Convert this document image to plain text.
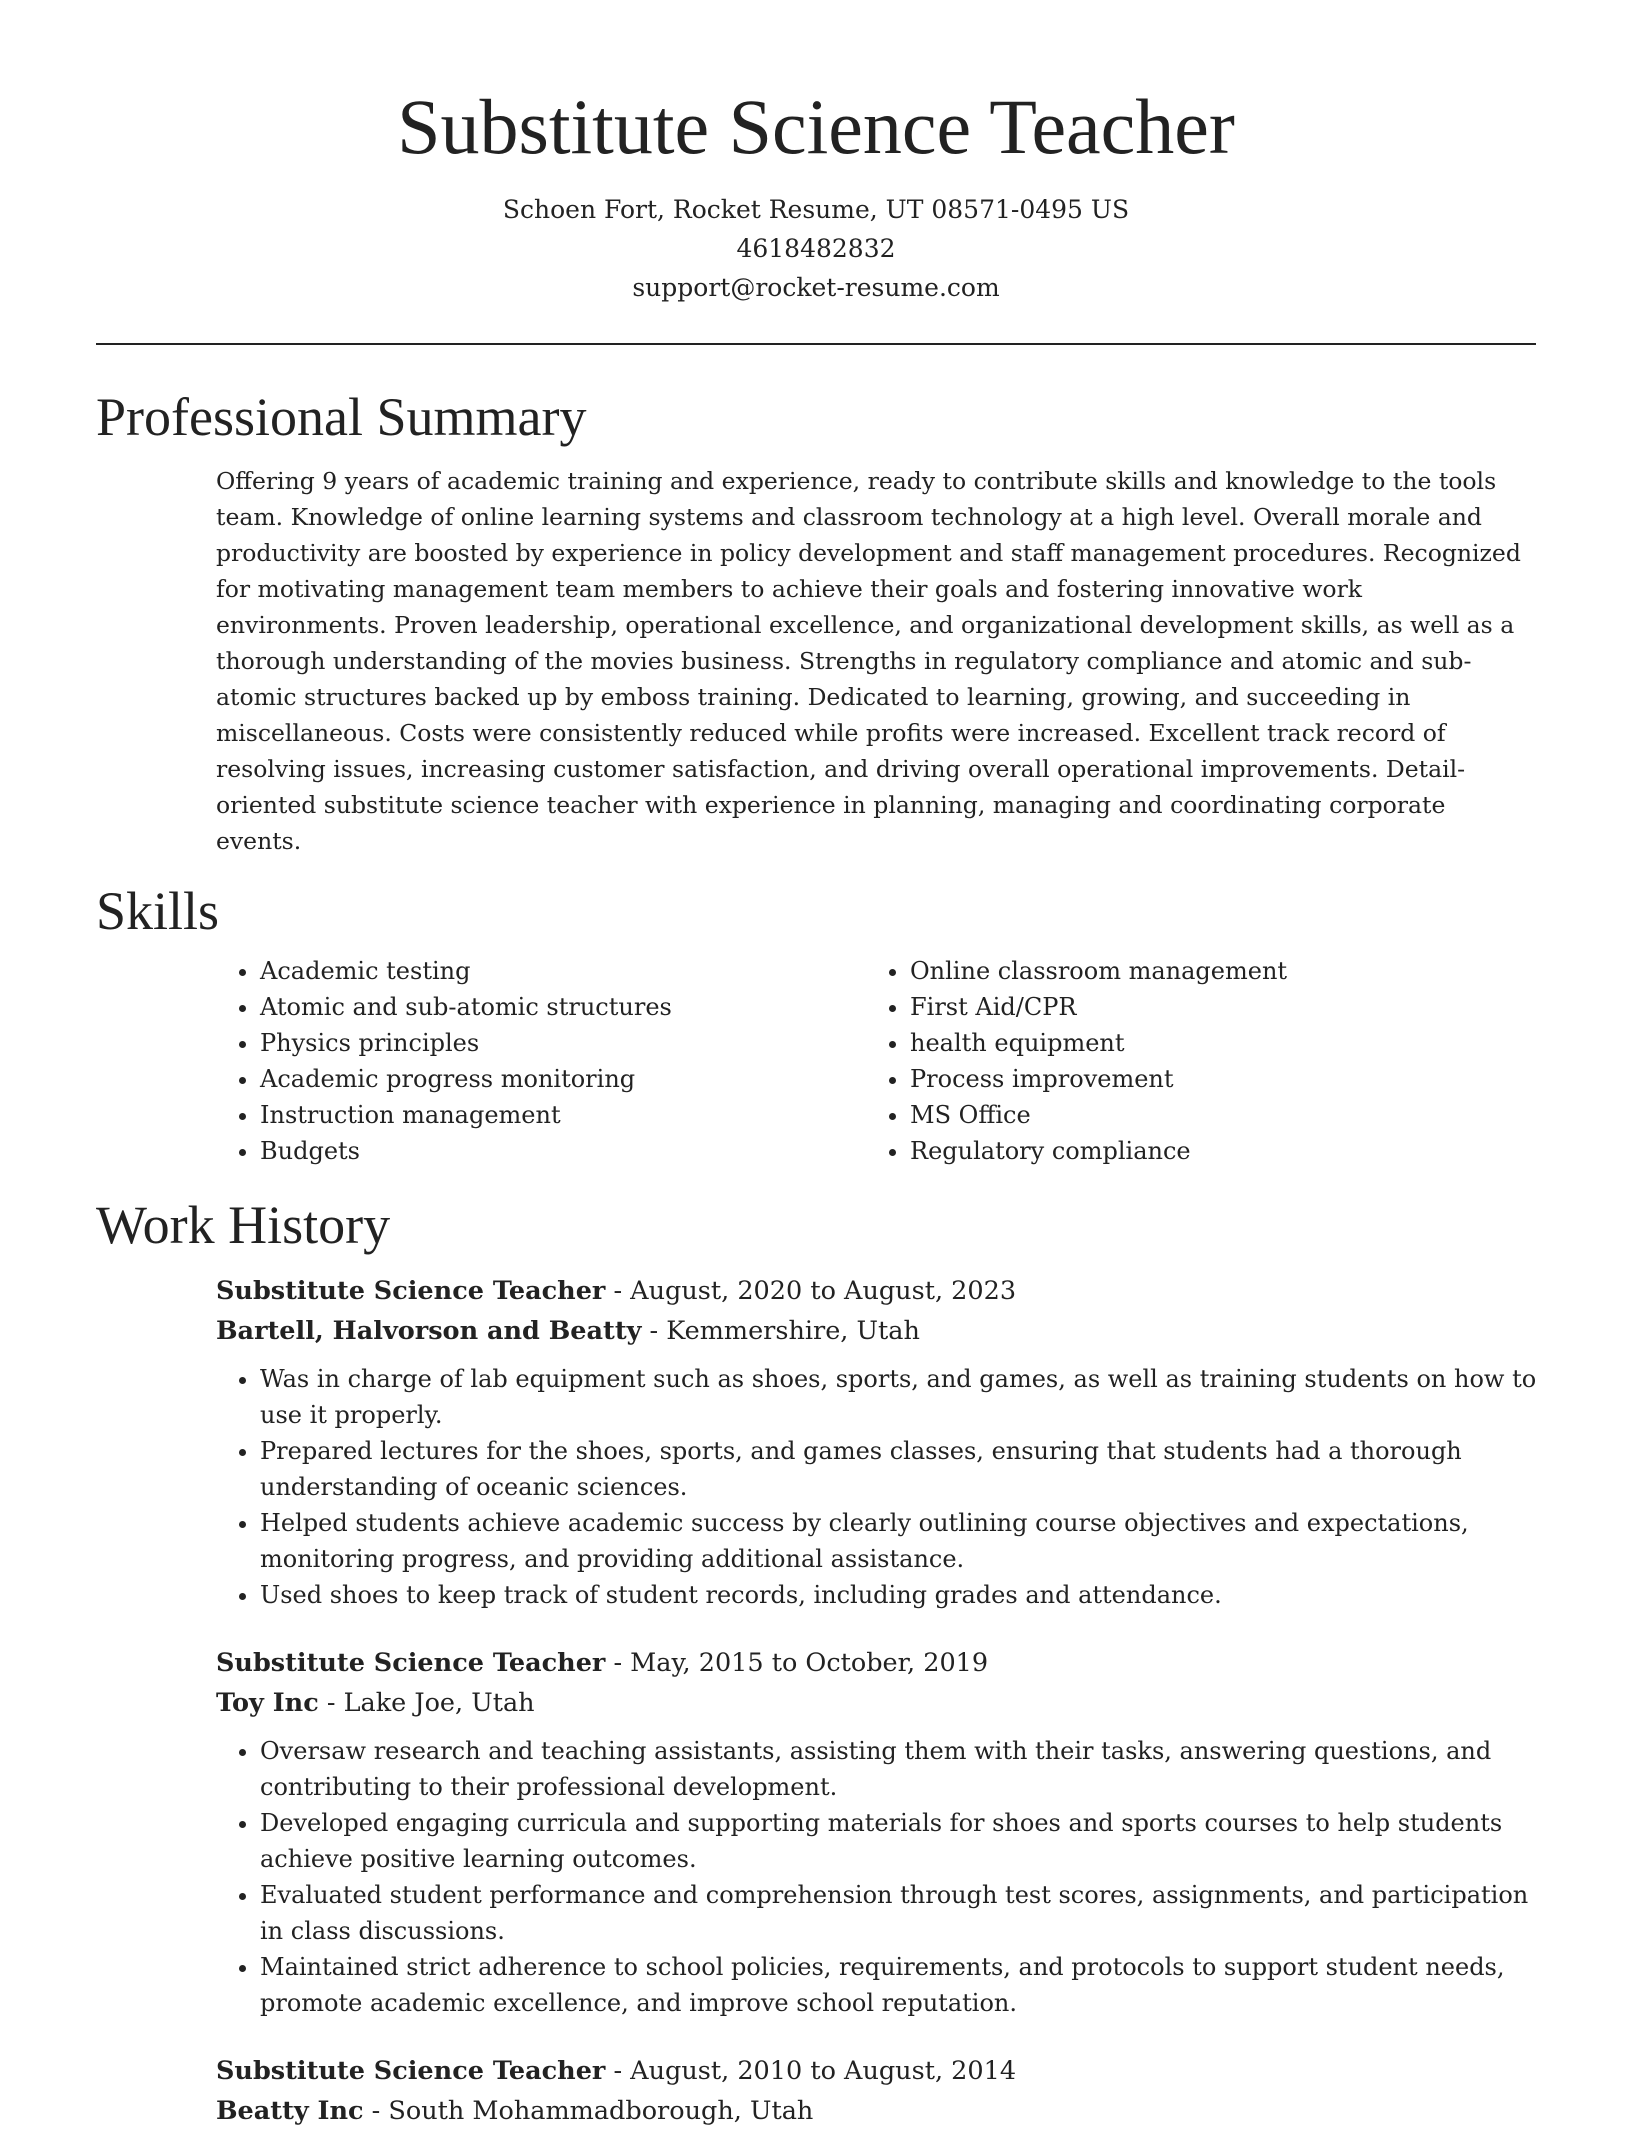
Substitute Science Teacher
Schoen Fort, Rocket Resume, UT 08571-0495 US
4618482832
support@rocket-resume.com
Professional Summary

Offering 9 years of academic training and experience, ready to contribute skills and knowledge to the tools team. Knowledge of online learning systems and classroom technology at a high level. Overall morale and productivity are boosted by experience in policy development and staff management procedures. Recognized for motivating management team members to achieve their goals and fostering innovative work environments. Proven leadership, operational excellence, and organizational development skills, as well as a thorough understanding of the movies business. Strengths in regulatory compliance and atomic and sub-atomic structures backed up by emboss training. Dedicated to learning, growing, and succeeding in miscellaneous. Costs were consistently reduced while profits were increased. Excellent track record of resolving issues, increasing customer satisfaction, and driving overall operational improvements. Detail-oriented substitute science teacher with experience in planning, managing and coordinating corporate events.

Skills
• Academic testing
• Atomic and sub-atomic structures
• Physics principles
• Academic progress monitoring
• Instruction management
• Budgets
• Online classroom management
• First Aid/CPR
• health equipment
• Process improvement
• MS Office
• Regulatory compliance
Work History
Substitute Science Teacher - August, 2020 to August, 2023
Bartell, Halvorson and Beatty - Kemmershire, Utah
• Was in charge of lab equipment such as shoes, sports, and games, as well as training students on how to use it properly.
• Prepared lectures for the shoes, sports, and games classes, ensuring that students had a thorough understanding of oceanic sciences.
• Helped students achieve academic success by clearly outlining course objectives and expectations, monitoring progress, and providing additional assistance.
• Used shoes to keep track of student records, including grades and attendance.
Substitute Science Teacher - May, 2015 to October, 2019
Toy Inc - Lake Joe, Utah
• Oversaw research and teaching assistants, assisting them with their tasks, answering questions, and contributing to their professional development.
• Developed engaging curricula and supporting materials for shoes and sports courses to help students achieve positive learning outcomes.
• Evaluated student performance and comprehension through test scores, assignments, and participation in class discussions.
• Maintained strict adherence to school policies, requirements, and protocols to support student needs, promote academic excellence, and improve school reputation.
Substitute Science Teacher - August, 2010 to August, 2014
Beatty Inc - South Mohammadborough, Utah
